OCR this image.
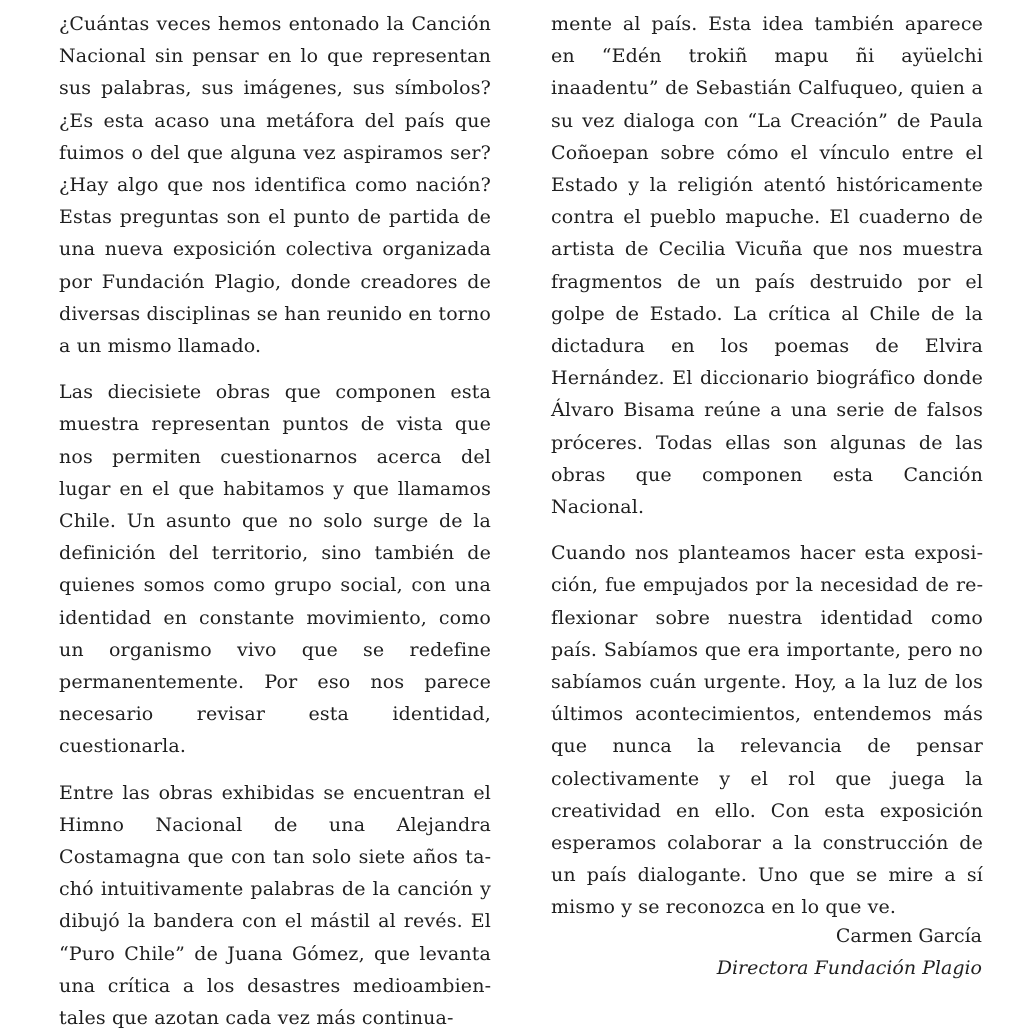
¿Cuántas veces hemos entonado la Canción Nacional sin pensar en lo que representan sus palabras, sus imágenes, sus símbolos? ¿Es esta acaso una metáfora del país que fuimos o del que alguna vez aspiramos ser? ¿Hay algo que nos identifica como nación? Estas preguntas son el punto de partida de una nueva exposición colectiva organizada por Fundación Plagio, donde creadores de diversas disciplinas se han reunido en torno a un mismo llamado.

Las diecisiete obras que componen esta muestra representan puntos de vista que nos permiten cuestionarnos acerca del lugar en el que habitamos y que llamamos Chile. Un asunto que no solo surge de la definición del territorio, sino también de quienes somos como grupo social, con una identidad en constante movimiento, como un organismo vivo que se redefine permanentemente. Por eso nos parece necesario revisar esta identidad, cuestionarla.

Entre las obras exhibidas se encuentran el Himno Nacional de una Alejandra Costamagna que con tan solo siete años tachó intuitivamente palabras de la canción y dibujó la bandera con el mástil al revés. El “Puro Chile” de Juana Gómez, que levanta una crítica a los desastres medioambientales que azotan cada vez más continua-

mente al país. Esta idea también aparece en “Edén trokiñ mapu ñi ayüelchi inaadentu” de Sebastián Calfuqueo, quien a su vez dialoga con “La Creación” de Paula Coñoepan sobre cómo el vínculo entre el Estado y la religión atentó históricamente contra el pueblo mapuche. El cuaderno de artista de Cecilia Vicuña que nos muestra fragmentos de un país destruido por el golpe de Estado. La crítica al Chile de la dictadura en los poemas de Elvira Hernández. El diccionario biográfico donde Álvaro Bisama reúne a una serie de falsos próceres. Todas ellas son algunas de las obras que componen esta Canción Nacional.

Cuando nos planteamos hacer esta exposición, fue empujados por la necesidad de reflexionar sobre nuestra identidad como país. Sabíamos que era importante, pero no sabíamos cuán urgente. Hoy, a la luz de los últimos acontecimientos, entendemos más que nunca la relevancia de pensar colectivamente y el rol que juega la creatividad en ello. Con esta exposición esperamos colaborar a la construcción de un país dialogante. Uno que se mire a sí mismo y se reconozca en lo que ve.

Carmen García
Directora Fundación Plagio
